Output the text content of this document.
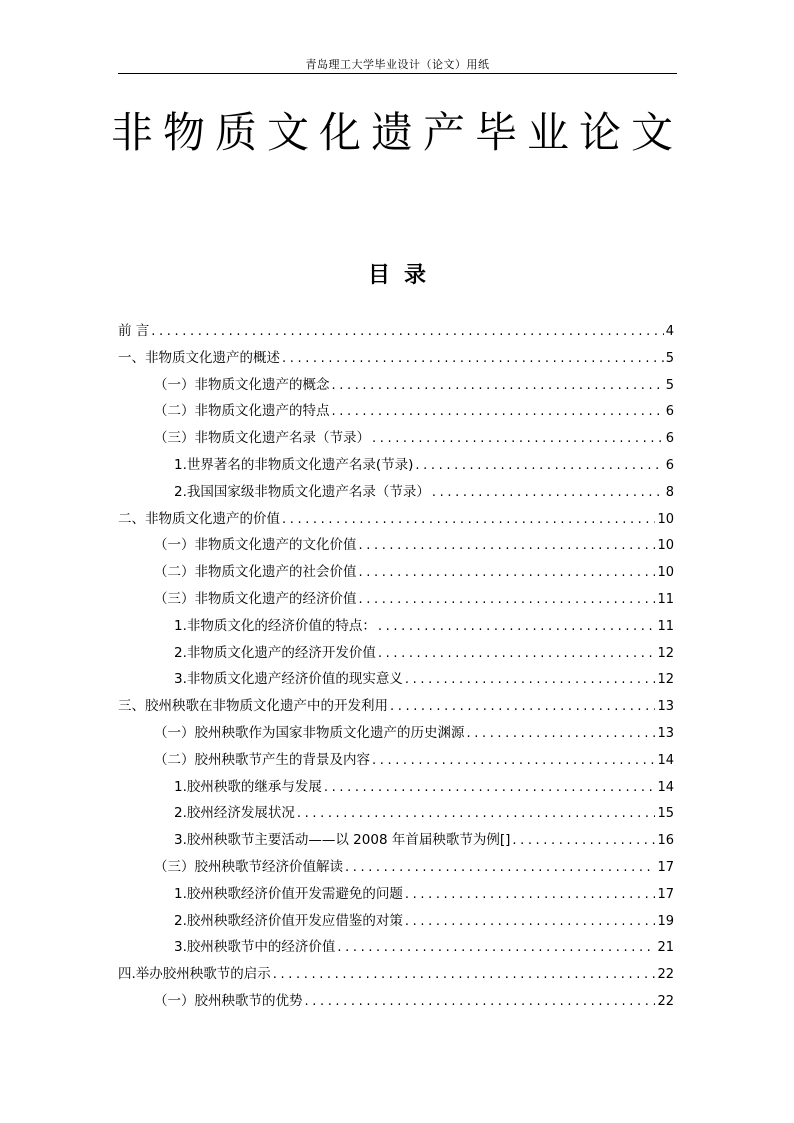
青岛理工大学毕业设计（论文）用纸
非物质文化遗产毕业论文
目 录
前 言 .....	4
一、非物质文化遗产的概述 .....	5
（一）非物质文化遗产的概念 .....	5
（二）非物质文化遗产的特点 .....	6
（三）非物质文化遗产名录（节录） .....	6
1.世界著名的非物质文化遗产名录(节录) .....	6
2.我国国家级非物质文化遗产名录（节录） .....	8
二、非物质文化遗产的价值 .....	10
（一）非物质文化遗产的文化价值 .....	10
（二）非物质文化遗产的社会价值 .....	10
（三）非物质文化遗产的经济价值 .....	11
1.非物质文化的经济价值的特点： .....	11
2.非物质文化遗产的经济开发价值 .....	12
3.非物质文化遗产经济价值的现实意义 .....	12
三、胶州秧歌在非物质文化遗产中的开发利用 .....	13
（一）胶州秧歌作为国家非物质文化遗产的历史渊源 .....	13
（二）胶州秧歌节产生的背景及内容 .....	14
1.胶州秧歌的继承与发展 .....	14
2.胶州经济发展状况 .....	15
3.胶州秧歌节主要活动——以 2008 年首届秧歌节为例[] .....	16
（三）胶州秧歌节经济价值解读 .....	17
1.胶州秧歌经济价值开发需避免的问题 .....	17
2.胶州秧歌经济价值开发应借鉴的对策 .....	19
3.胶州秧歌节中的经济价值 .....	21
四.举办胶州秧歌节的启示 .....	22
（一）胶州秧歌节的优势 .....	22
